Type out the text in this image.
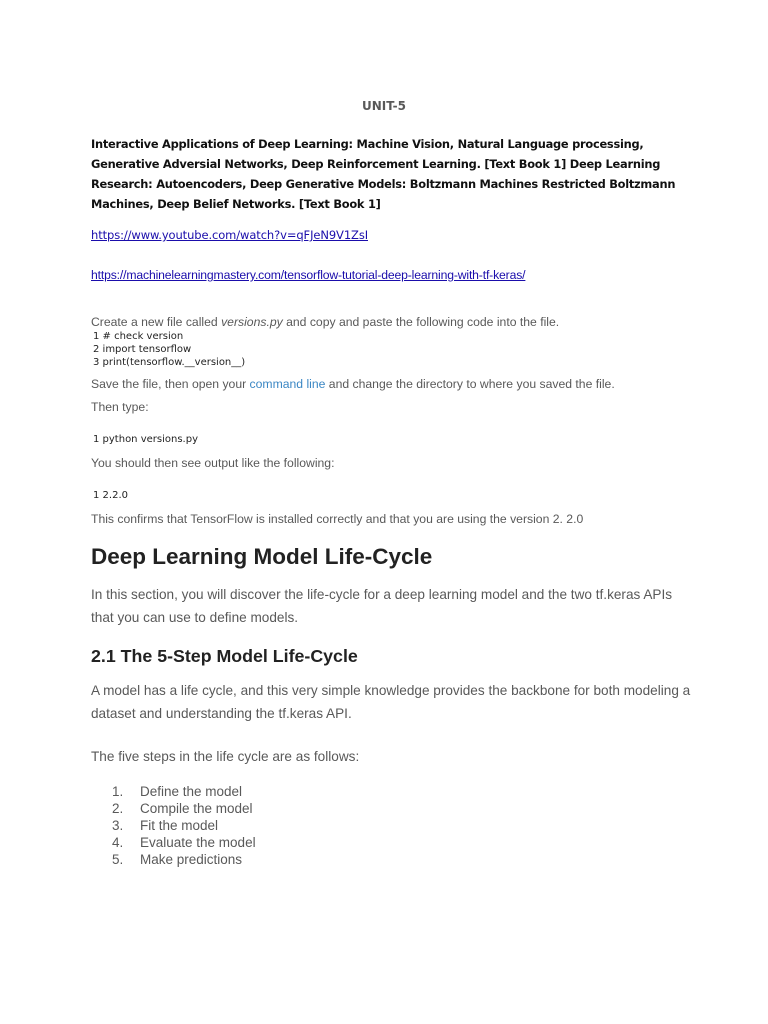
UNIT-5
Interactive Applications of Deep Learning: Machine Vision, Natural Language processing, Generative Adversial Networks, Deep Reinforcement Learning. [Text Book 1] Deep Learning Research: Autoencoders, Deep Generative Models: Boltzmann Machines Restricted Boltzmann Machines, Deep Belief Networks. [Text Book 1]
https://www.youtube.com/watch?v=qFJeN9V1ZsI
https://machinelearningmastery.com/tensorflow-tutorial-deep-learning-with-tf-keras/
Create a new file called versions.py and copy and paste the following code into the file.
1 # check version
2 import tensorflow
3 print(tensorflow.__version__)
Save the file, then open your command line and change the directory to where you saved the file.
Then type:
1 python versions.py
You should then see output like the following:
1 2.2.0
This confirms that TensorFlow is installed correctly and that you are using the version 2. 2.0
Deep Learning Model Life-Cycle
In this section, you will discover the life-cycle for a deep learning model and the two tf.keras APIs that you can use to define models.
2.1 The 5-Step Model Life-Cycle
A model has a life cycle, and this very simple knowledge provides the backbone for both modeling a dataset and understanding the tf.keras API.
The five steps in the life cycle are as follows:
1. Define the model
2. Compile the model
3. Fit the model
4. Evaluate the model
5. Make predictions
